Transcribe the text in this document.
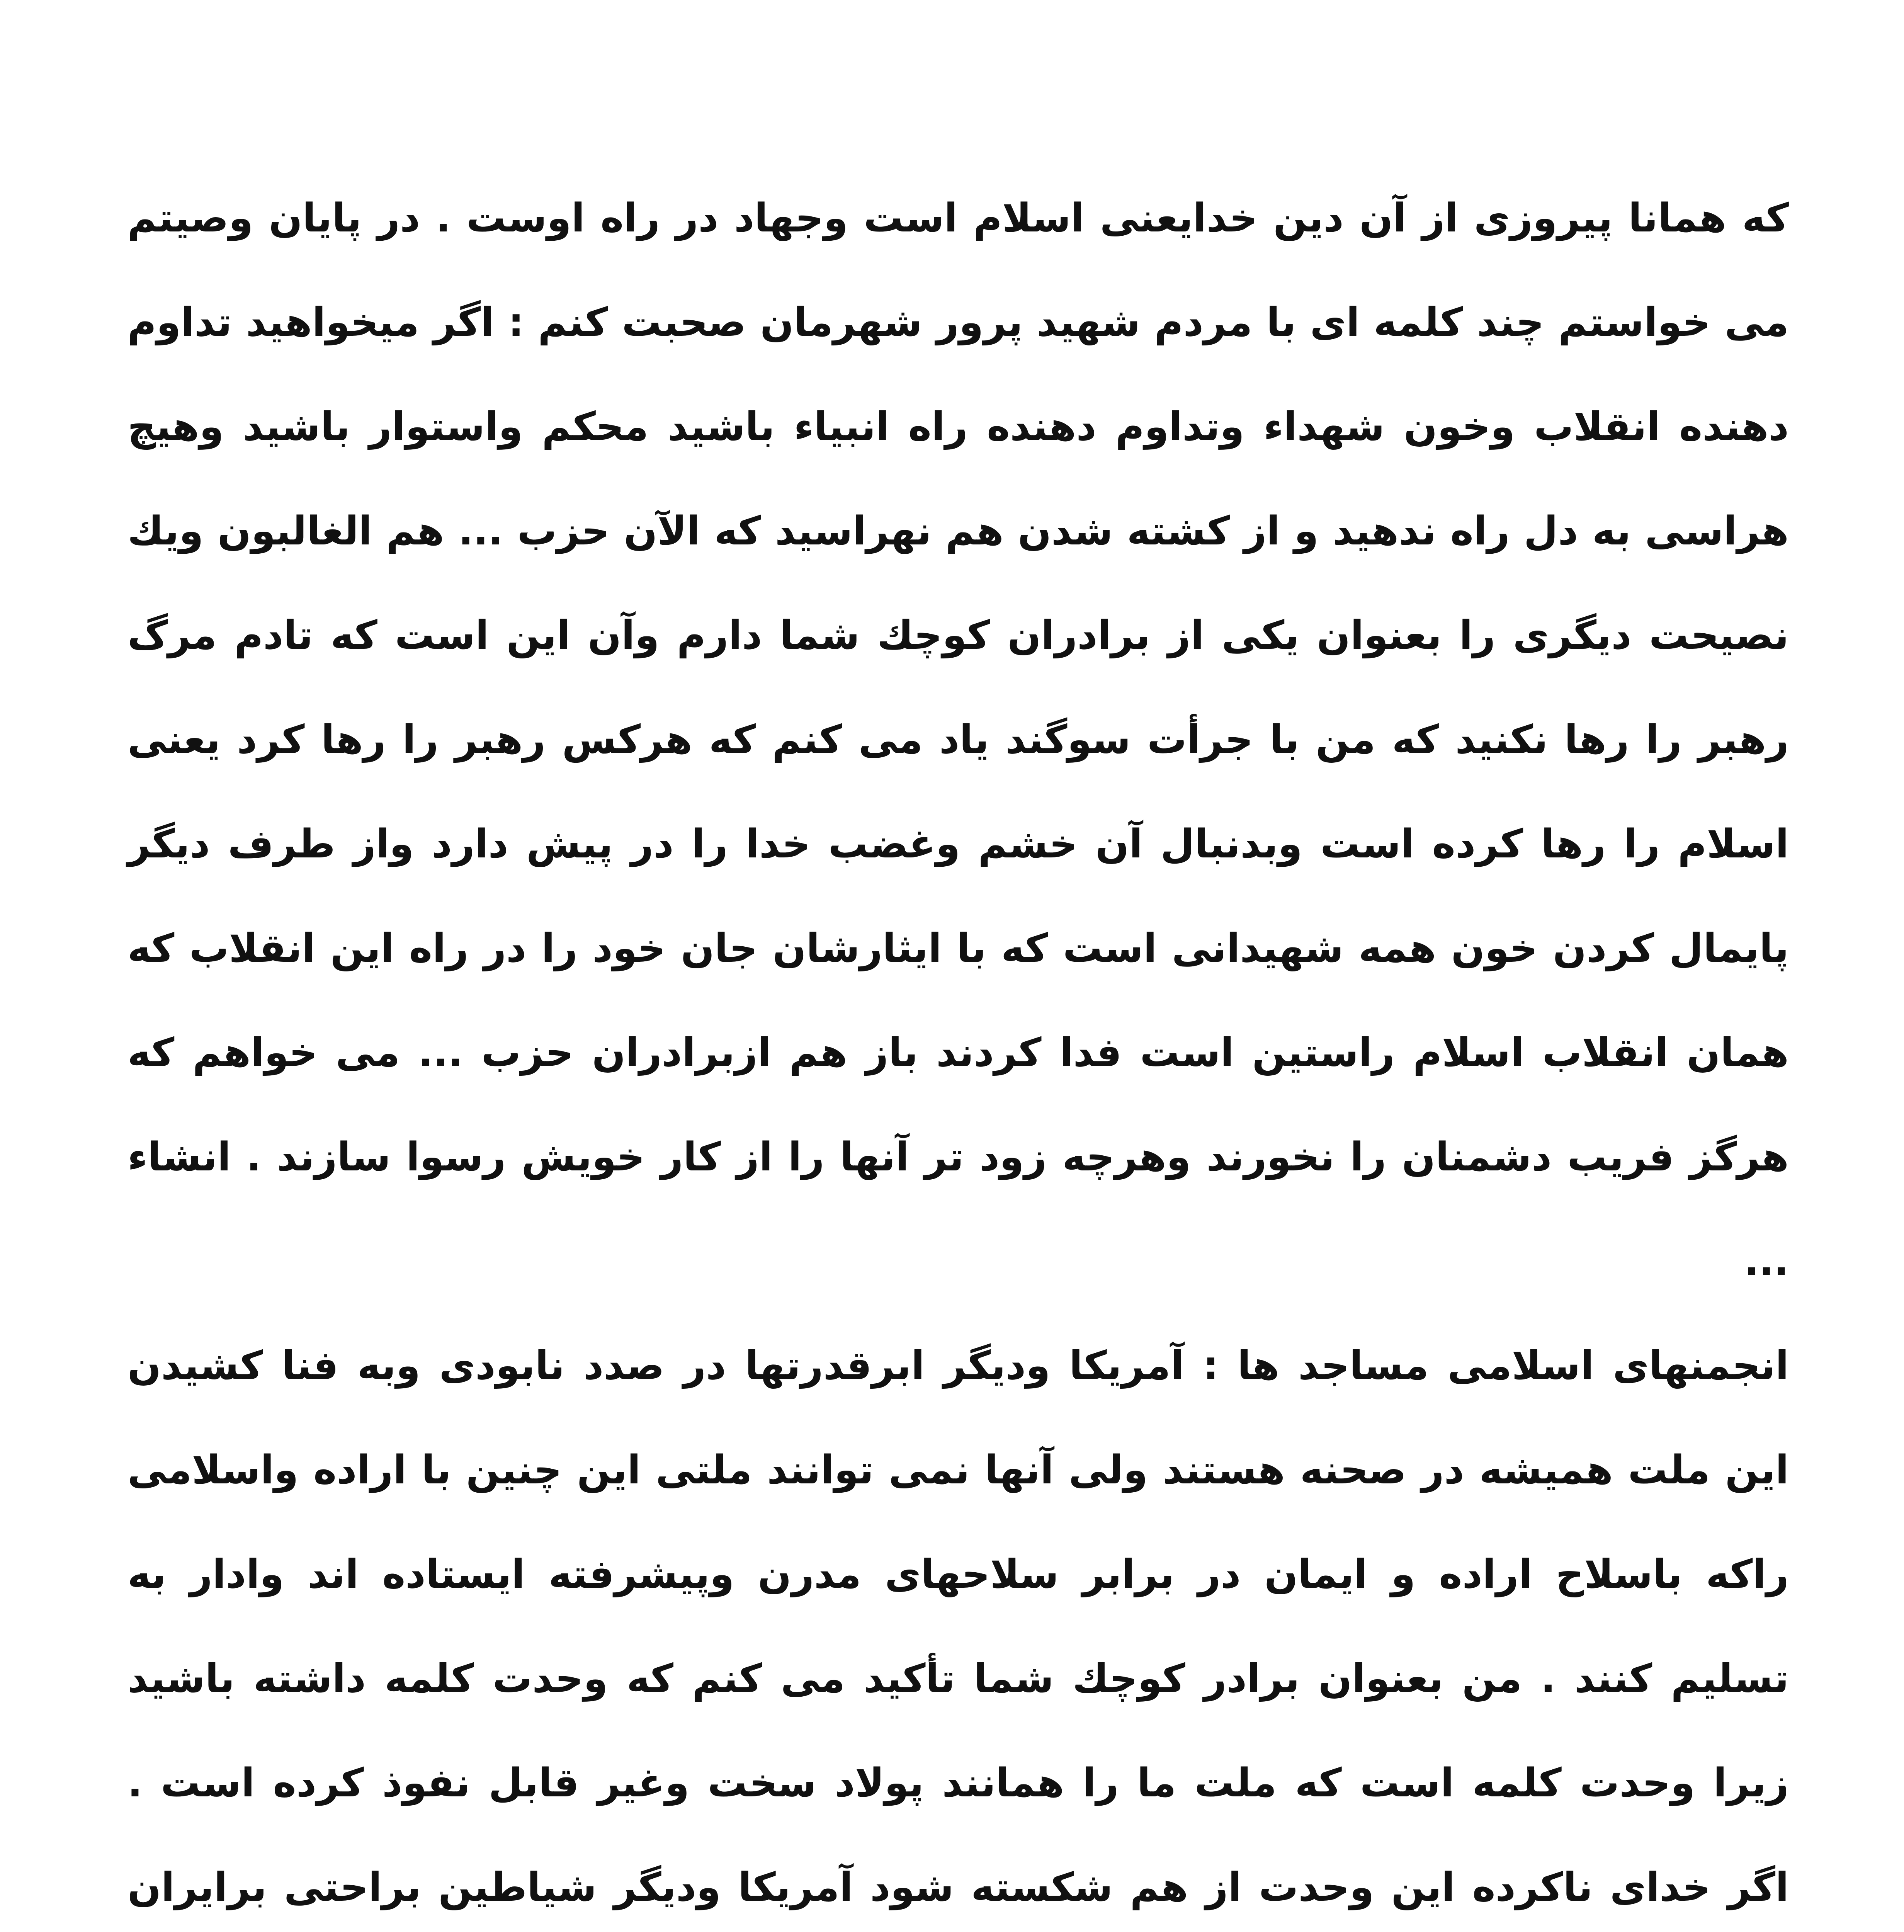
که همانا پیروزی از آن دین خدایعنی اسلام است وجهاد در راه اوست . در پایان وصیتم می خواستم چند کلمه ای با مردم شهید پرور شهرمان صحبت کنم : اگر میخواهید تداوم دهنده انقلاب وخون شهداء وتداوم دهنده راه انبیاء باشید محکم واستوار باشید وهیچ هراسی به دل راه ندهید و از کشته شدن هم نهراسید که الآن حزب ... هم الغالبون ویك نصیحت دیگری را بعنوان یکی از برادران کوچك شما دارم وآن این است که تادم مرگ رهبر را رها نکنید که من با جرأت سوگند یاد می کنم که هرکس رهبر را رها کرد یعنی اسلام را رها کرده است وبدنبال آن خشم وغضب خدا را در پیش دارد واز طرف دیگر پایمال کردن خون همه شهیدانی است که با ایثارشان جان خود را در راه این انقلاب که همان انقلاب اسلام راستین است فدا کردند باز هم ازبرادران حزب ... می خواهم که هرگز فریب دشمنان را نخورند وهرچه زود تر آنها را از کار خویش رسوا سازند . انشاء ...

انجمنهای اسلامی مساجد ها : آمریکا ودیگر ابرقدرتها در صدد نابودی وبه فنا کشیدن این ملت همیشه در صحنه هستند ولی آنها نمی توانند ملتی این چنین با اراده واسلامی راکه باسلاح اراده و ایمان در برابر سلاحهای مدرن وپیشرفته ایستاده اند وادار به تسلیم کنند . من بعنوان برادر کوچك شما تأکید می کنم که وحدت کلمه داشته باشید زیرا وحدت کلمه است که ملت ما را همانند پولاد سخت وغیر قابل نفوذ کرده است . اگر خدای ناکرده این وحدت از هم شکسته شود آمریکا ودیگر شیاطین براحتی برایران
